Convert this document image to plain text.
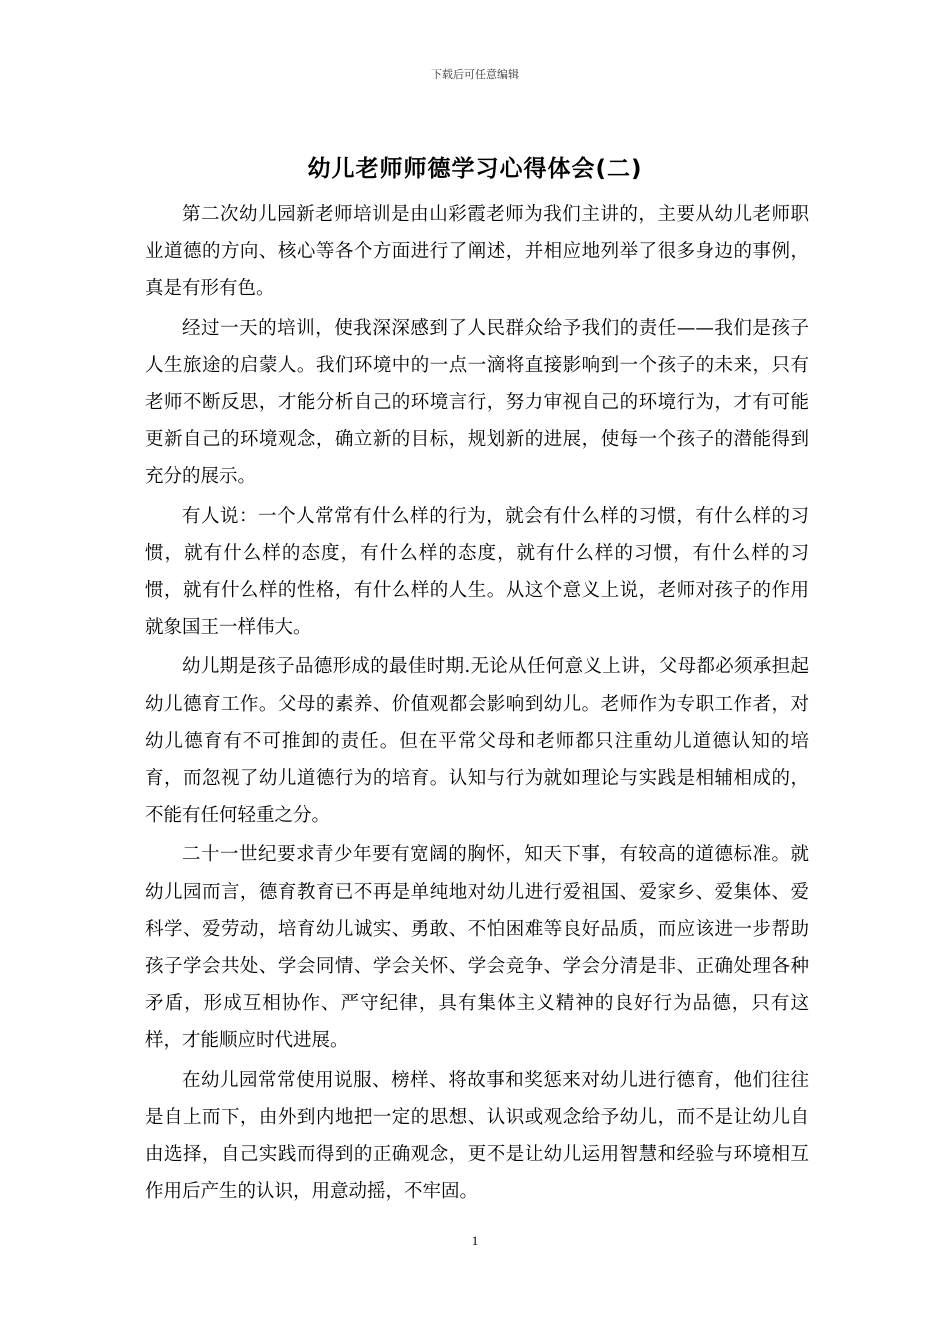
下载后可任意编辑
幼儿老师师德学习心得体会(二)

第二次幼儿园新老师培训是由山彩霞老师为我们主讲的，主要从幼儿老师职业道德的方向、核心等各个方面进行了阐述，并相应地列举了很多身边的事例，真是有形有色。

经过一天的培训，使我深深感到了人民群众给予我们的责任——我们是孩子人生旅途的启蒙人。我们环境中的一点一滴将直接影响到一个孩子的未来，只有老师不断反思，才能分析自己的环境言行，努力审视自己的环境行为，才有可能更新自己的环境观念，确立新的目标，规划新的进展，使每一个孩子的潜能得到充分的展示。

有人说：一个人常常有什么样的行为，就会有什么样的习惯，有什么样的习惯，就有什么样的态度，有什么样的态度，就有什么样的习惯，有什么样的习惯，就有什么样的性格，有什么样的人生。从这个意义上说，老师对孩子的作用就象国王一样伟大。

幼儿期是孩子品德形成的最佳时期.无论从任何意义上讲，父母都必须承担起幼儿德育工作。父母的素养、价值观都会影响到幼儿。老师作为专职工作者，对幼儿德育有不可推卸的责任。但在平常父母和老师都只注重幼儿道德认知的培育，而忽视了幼儿道德行为的培育。认知与行为就如理论与实践是相辅相成的，不能有任何轻重之分。

二十一世纪要求青少年要有宽阔的胸怀，知天下事，有较高的道德标准。就幼儿园而言，德育教育已不再是单纯地对幼儿进行爱祖国、爱家乡、爱集体、爱科学、爱劳动，培育幼儿诚实、勇敢、不怕困难等良好品质，而应该进一步帮助孩子学会共处、学会同情、学会关怀、学会竞争、学会分清是非、正确处理各种矛盾，形成互相协作、严守纪律，具有集体主义精神的良好行为品德，只有这样，才能顺应时代进展。

在幼儿园常常使用说服、榜样、将故事和奖惩来对幼儿进行德育，他们往往是自上而下，由外到内地把一定的思想、认识或观念给予幼儿，而不是让幼儿自由选择，自己实践而得到的正确观念，更不是让幼儿运用智慧和经验与环境相互作用后产生的认识，用意动摇，不牢固。

1
